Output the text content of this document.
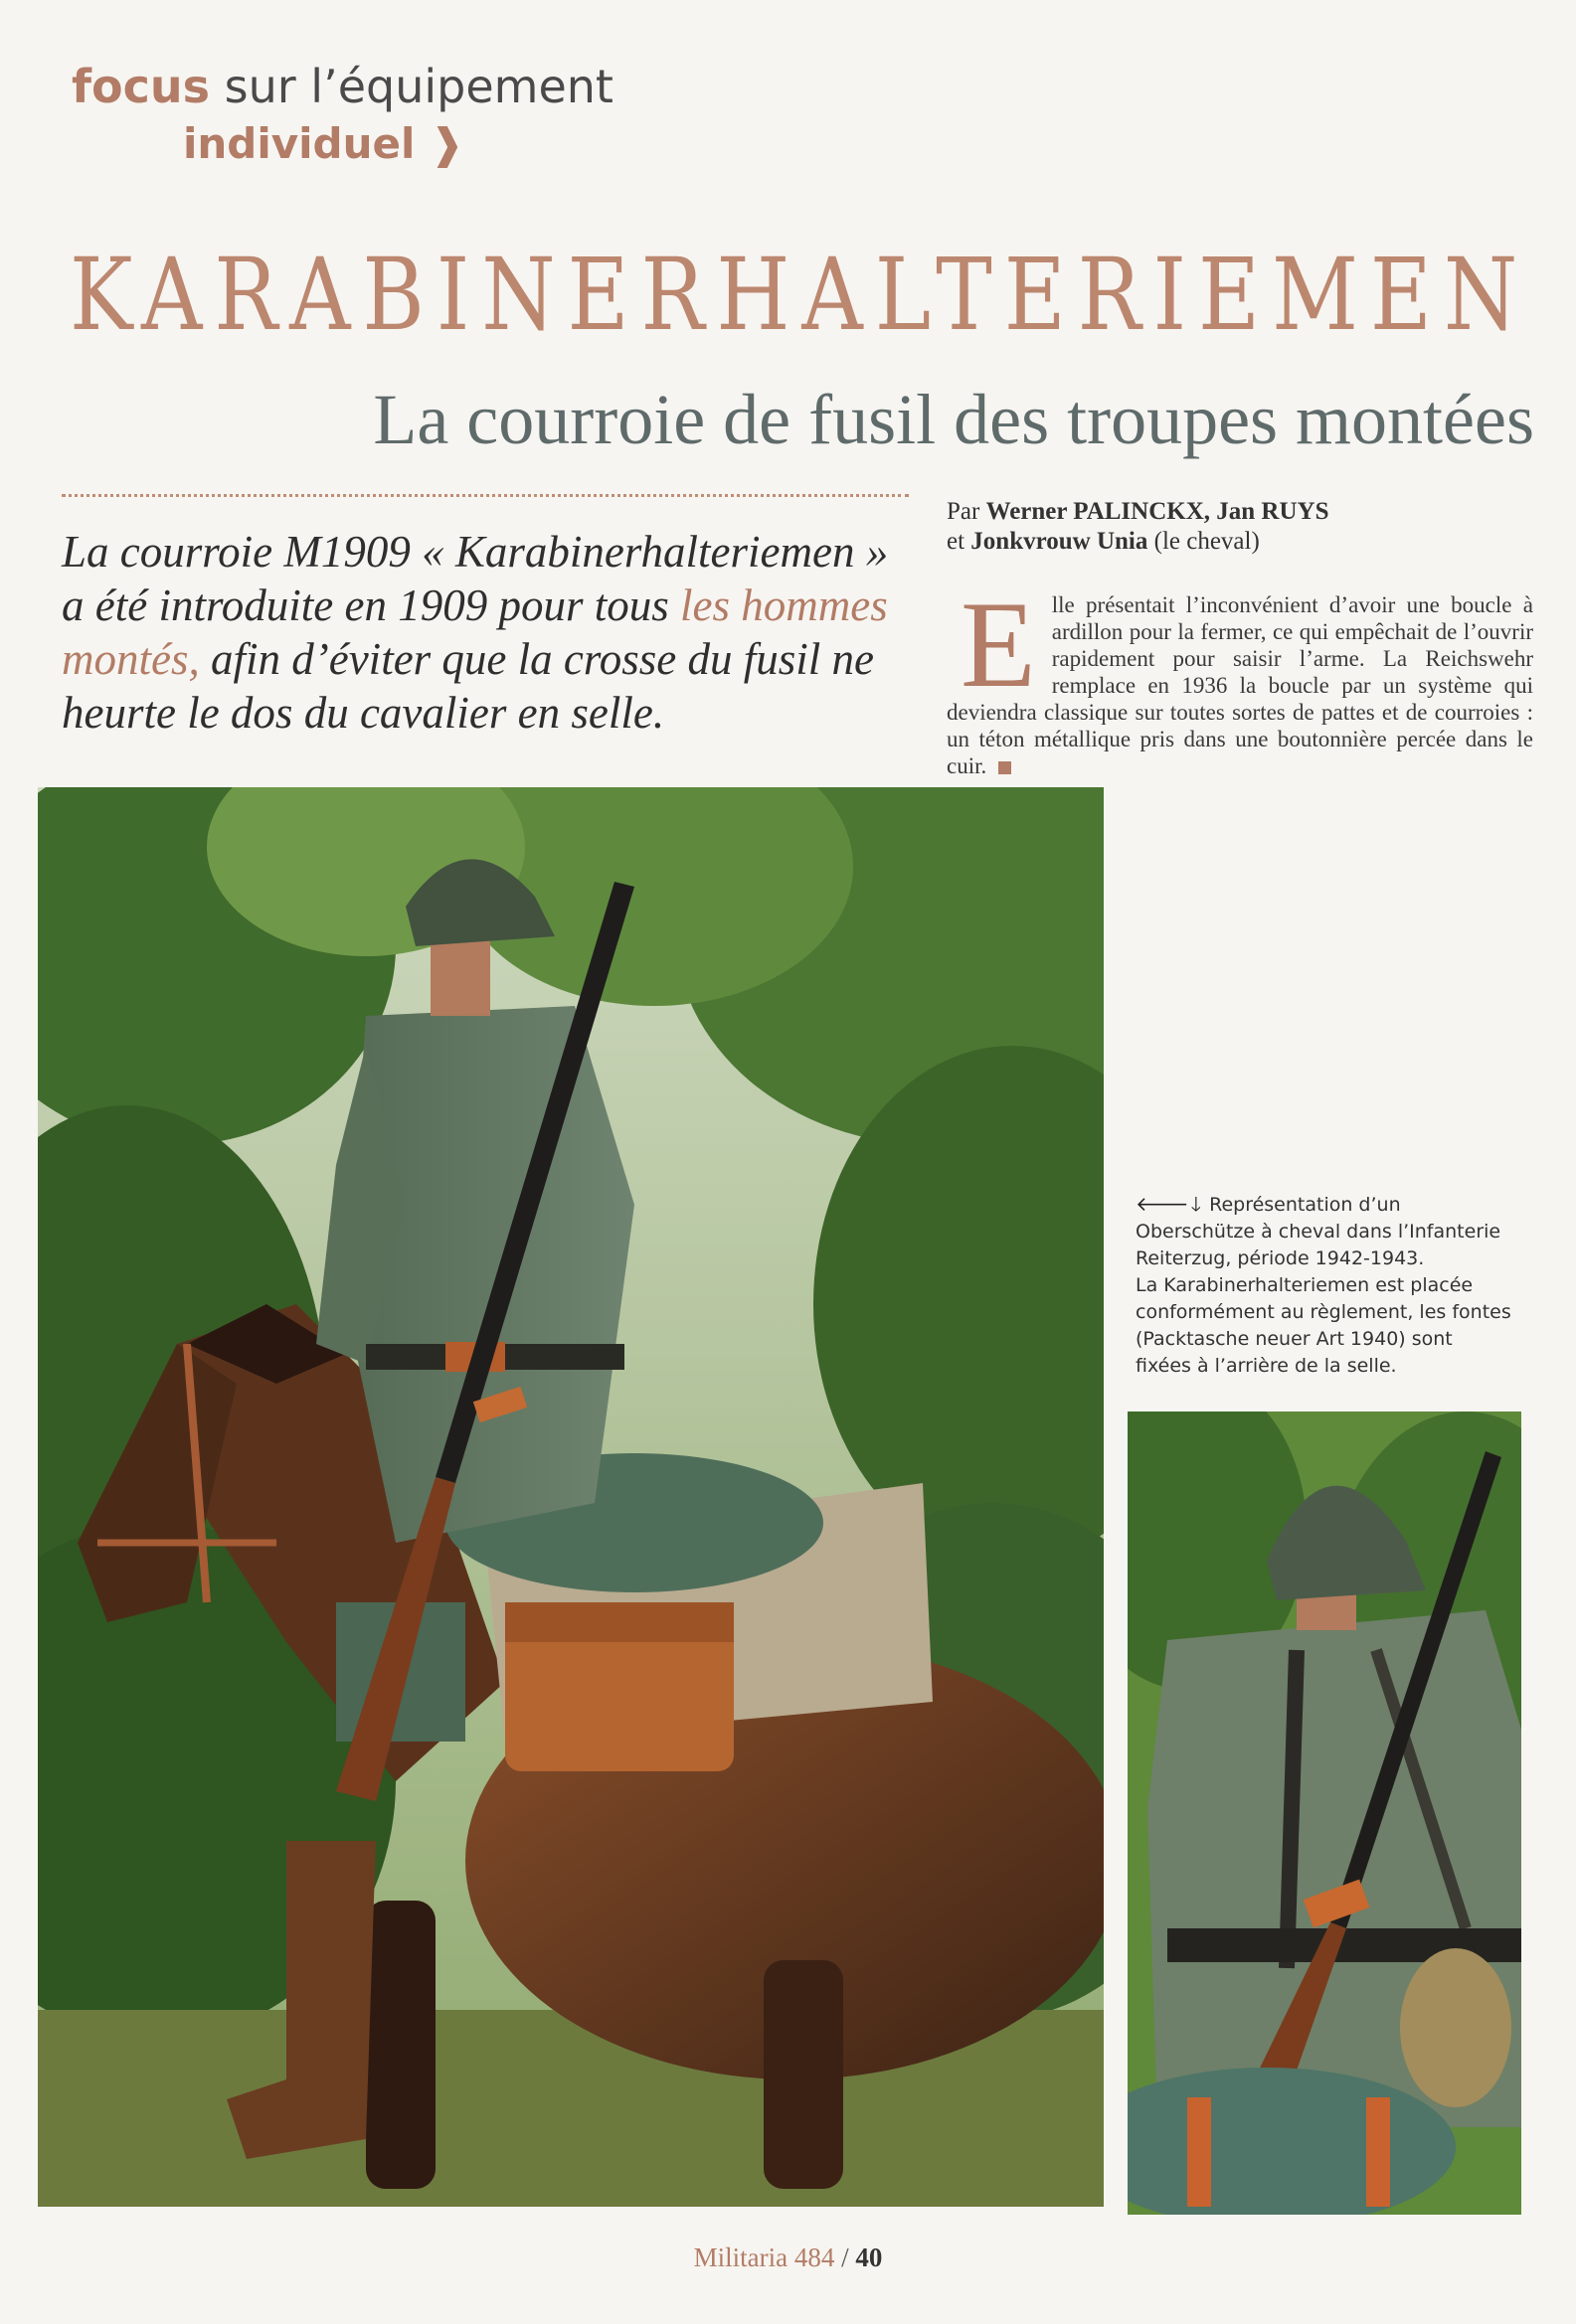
focus sur l’équipement
individuel ❱
KARABINERHALTERIEMEN
La courroie de fusil des troupes montées
Par Werner PALINCKX, Jan RUYS
et Jonkvrouw Unia (le cheval)
La courroie M1909 « Karabinerhalteriemen » a été introduite en 1909 pour tous les hommes montés, afin d’éviter que la crosse du fusil ne heurte le dos du cavalier en selle.	E lle présentait l’inconvénient d’avoir une boucle à ardillon pour la fermer, ce qui empêchait de l’ouvrir rapidement pour saisir l’arme. La Reichswehr remplace en 1936 la boucle par un système qui deviendra classique sur toutes sortes de pattes et de courroies : un téton métallique pris dans une boutonnière percée dans le cuir.
🡐🡓 Représentation d’un Oberschütze à cheval dans l’Infanterie Reiterzug, période 1942-1943.
La Karabinerhalteriemen est placée conformément au règlement, les fontes (Packtasche neuer Art 1940) sont fixées à l’arrière de la selle.
Militaria 484 / 40
